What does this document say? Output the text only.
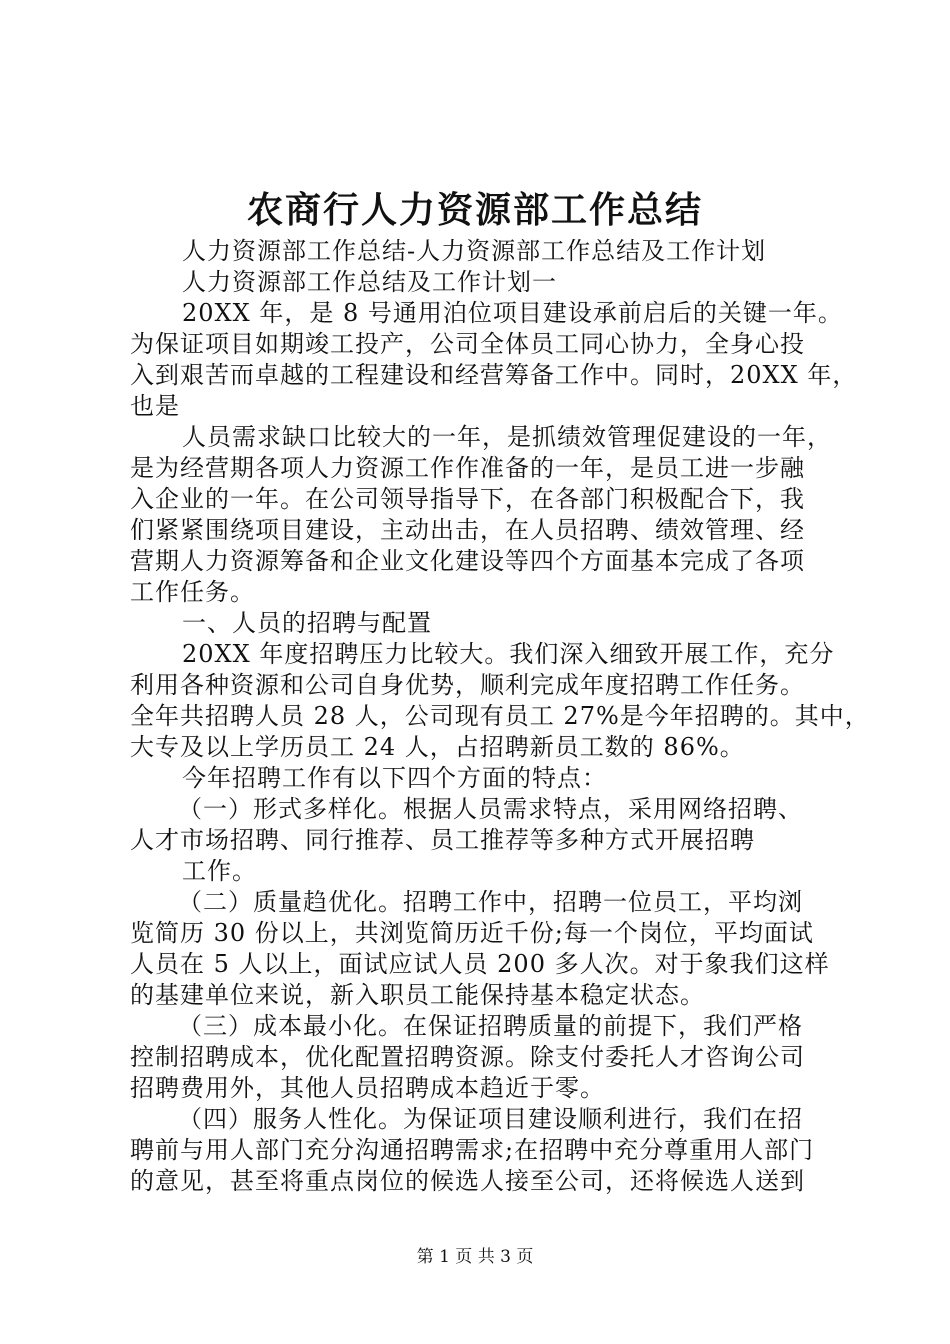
农商行人力资源部工作总结
人力资源部工作总结-人力资源部工作总结及工作计划
人力资源部工作总结及工作计划一
20XX 年，是 8 号通用泊位项目建设承前启后的关键一年。
为保证项目如期竣工投产，公司全体员工同心协力，全身心投
入到艰苦而卓越的工程建设和经营筹备工作中。同时，20XX 年，
也是
人员需求缺口比较大的一年，是抓绩效管理促建设的一年，
是为经营期各项人力资源工作作准备的一年，是员工进一步融
入企业的一年。在公司领导指导下，在各部门积极配合下，我
们紧紧围绕项目建设，主动出击，在人员招聘、绩效管理、经
营期人力资源筹备和企业文化建设等四个方面基本完成了各项
工作任务。
一、人员的招聘与配置
20XX 年度招聘压力比较大。我们深入细致开展工作，充分
利用各种资源和公司自身优势，顺利完成年度招聘工作任务。
全年共招聘人员 28 人，公司现有员工 27%是今年招聘的。其中，
大专及以上学历员工 24 人，占招聘新员工数的 86%。
今年招聘工作有以下四个方面的特点：
（一）形式多样化。根据人员需求特点，采用网络招聘、
人才市场招聘、同行推荐、员工推荐等多种方式开展招聘
工作。
（二）质量趋优化。招聘工作中，招聘一位员工，平均浏
览简历 30 份以上，共浏览简历近千份;每一个岗位，平均面试
人员在 5 人以上，面试应试人员 200 多人次。对于象我们这样
的基建单位来说，新入职员工能保持基本稳定状态。
（三）成本最小化。在保证招聘质量的前提下，我们严格
控制招聘成本，优化配置招聘资源。除支付委托人才咨询公司
招聘费用外，其他人员招聘成本趋近于零。
（四）服务人性化。为保证项目建设顺利进行，我们在招
聘前与用人部门充分沟通招聘需求;在招聘中充分尊重用人部门
的意见，甚至将重点岗位的候选人接至公司，还将候选人送到
第 1 页 共 3 页
